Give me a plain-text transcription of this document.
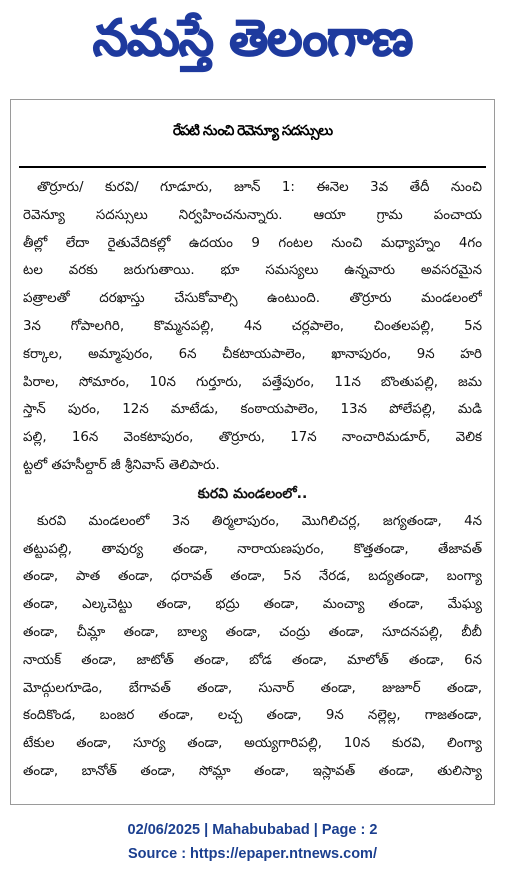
నమస్తే తెలంగాణ
రేపటి నుంచి రెవెన్యూ సదస్సులు
తొర్రూరు/ కురవి/ గూడూరు, జూన్ 1: ఈనెల 3వ తేదీ నుంచి
రెవెన్యూ సదస్సులు నిర్వహించనున్నారు. ఆయా గ్రామ పంచాయ
తీల్లో లేదా రైతువేదికల్లో ఉదయం 9 గంటల నుంచి మధ్యాహ్నం 4గం
టల వరకు జరుగుతాయి. భూ సమస్యలు ఉన్నవారు అవసరమైన
పత్రాలతో దరఖాస్తు చేసుకోవాల్సి ఉంటుంది. తొర్రూరు మండలంలో
3న గోపాలగిరి, కొమ్మనపల్లి, 4న చర్లపాలెం, చింతలపల్లి, 5న
కర్కాల, అమ్మాపురం, 6న చీకటాయపాలెం, ఖానాపురం, 9న హరి
పిరాల, సోమారం, 10న గుర్తూరు, పత్తేపురం, 11న బొంతుపల్లి, జమ
స్తాన్ పురం, 12న మాటేడు, కంఠాయపాలెం, 13న పోలేపల్లి, మడి
పల్లి, 16న వెంకటాపురం, తొర్రూరు, 17న నాంచారిమడూర్, వెలిక
ట్టలో తహసీల్దార్ జీ శ్రీనివాస్ తెలిపారు.
కురవి మండలంలో..
కురవి మండలంలో 3న తిర్మలాపురం, మొగిలిచర్ల, జగ్యతండా, 4న
తట్టుపల్లి, తావుర్య తండా, నారాయణపురం, కొత్తతండా, తేజావత్
తండా, పాత తండా, ధరావత్ తండా, 5న నేరడ, బద్యతండా, బంగ్యా
తండా, ఎల్కచెట్టు తండా, భద్రు తండా, మంచ్యా తండా, మేఘ్య
తండా, చీమ్లా తండా, బాల్య తండా, చంద్రు తండా, సూదనపల్లి, బీబీ
నాయక్ తండా, జాటోత్ తండా, బోడ తండా, మాలోత్ తండా, 6న
మోద్గులగూడెం, బేగావత్ తండా, సునార్ తండా, జుజూర్ తండా,
కందికొండ, బంజర తండా, లచ్చ తండా, 9న నల్లెల్ల, గాజతండా,
టేకుల తండా, సూర్య తండా, అయ్యగారిపల్లి, 10న కురవి, లింగ్యా
తండా, బానోత్ తండా, సోమ్లా తండా, ఇస్లావత్ తండా, తులిస్యా
02/06/2025 | Mahabubabad | Page : 2
Source : https://epaper.ntnews.com/
